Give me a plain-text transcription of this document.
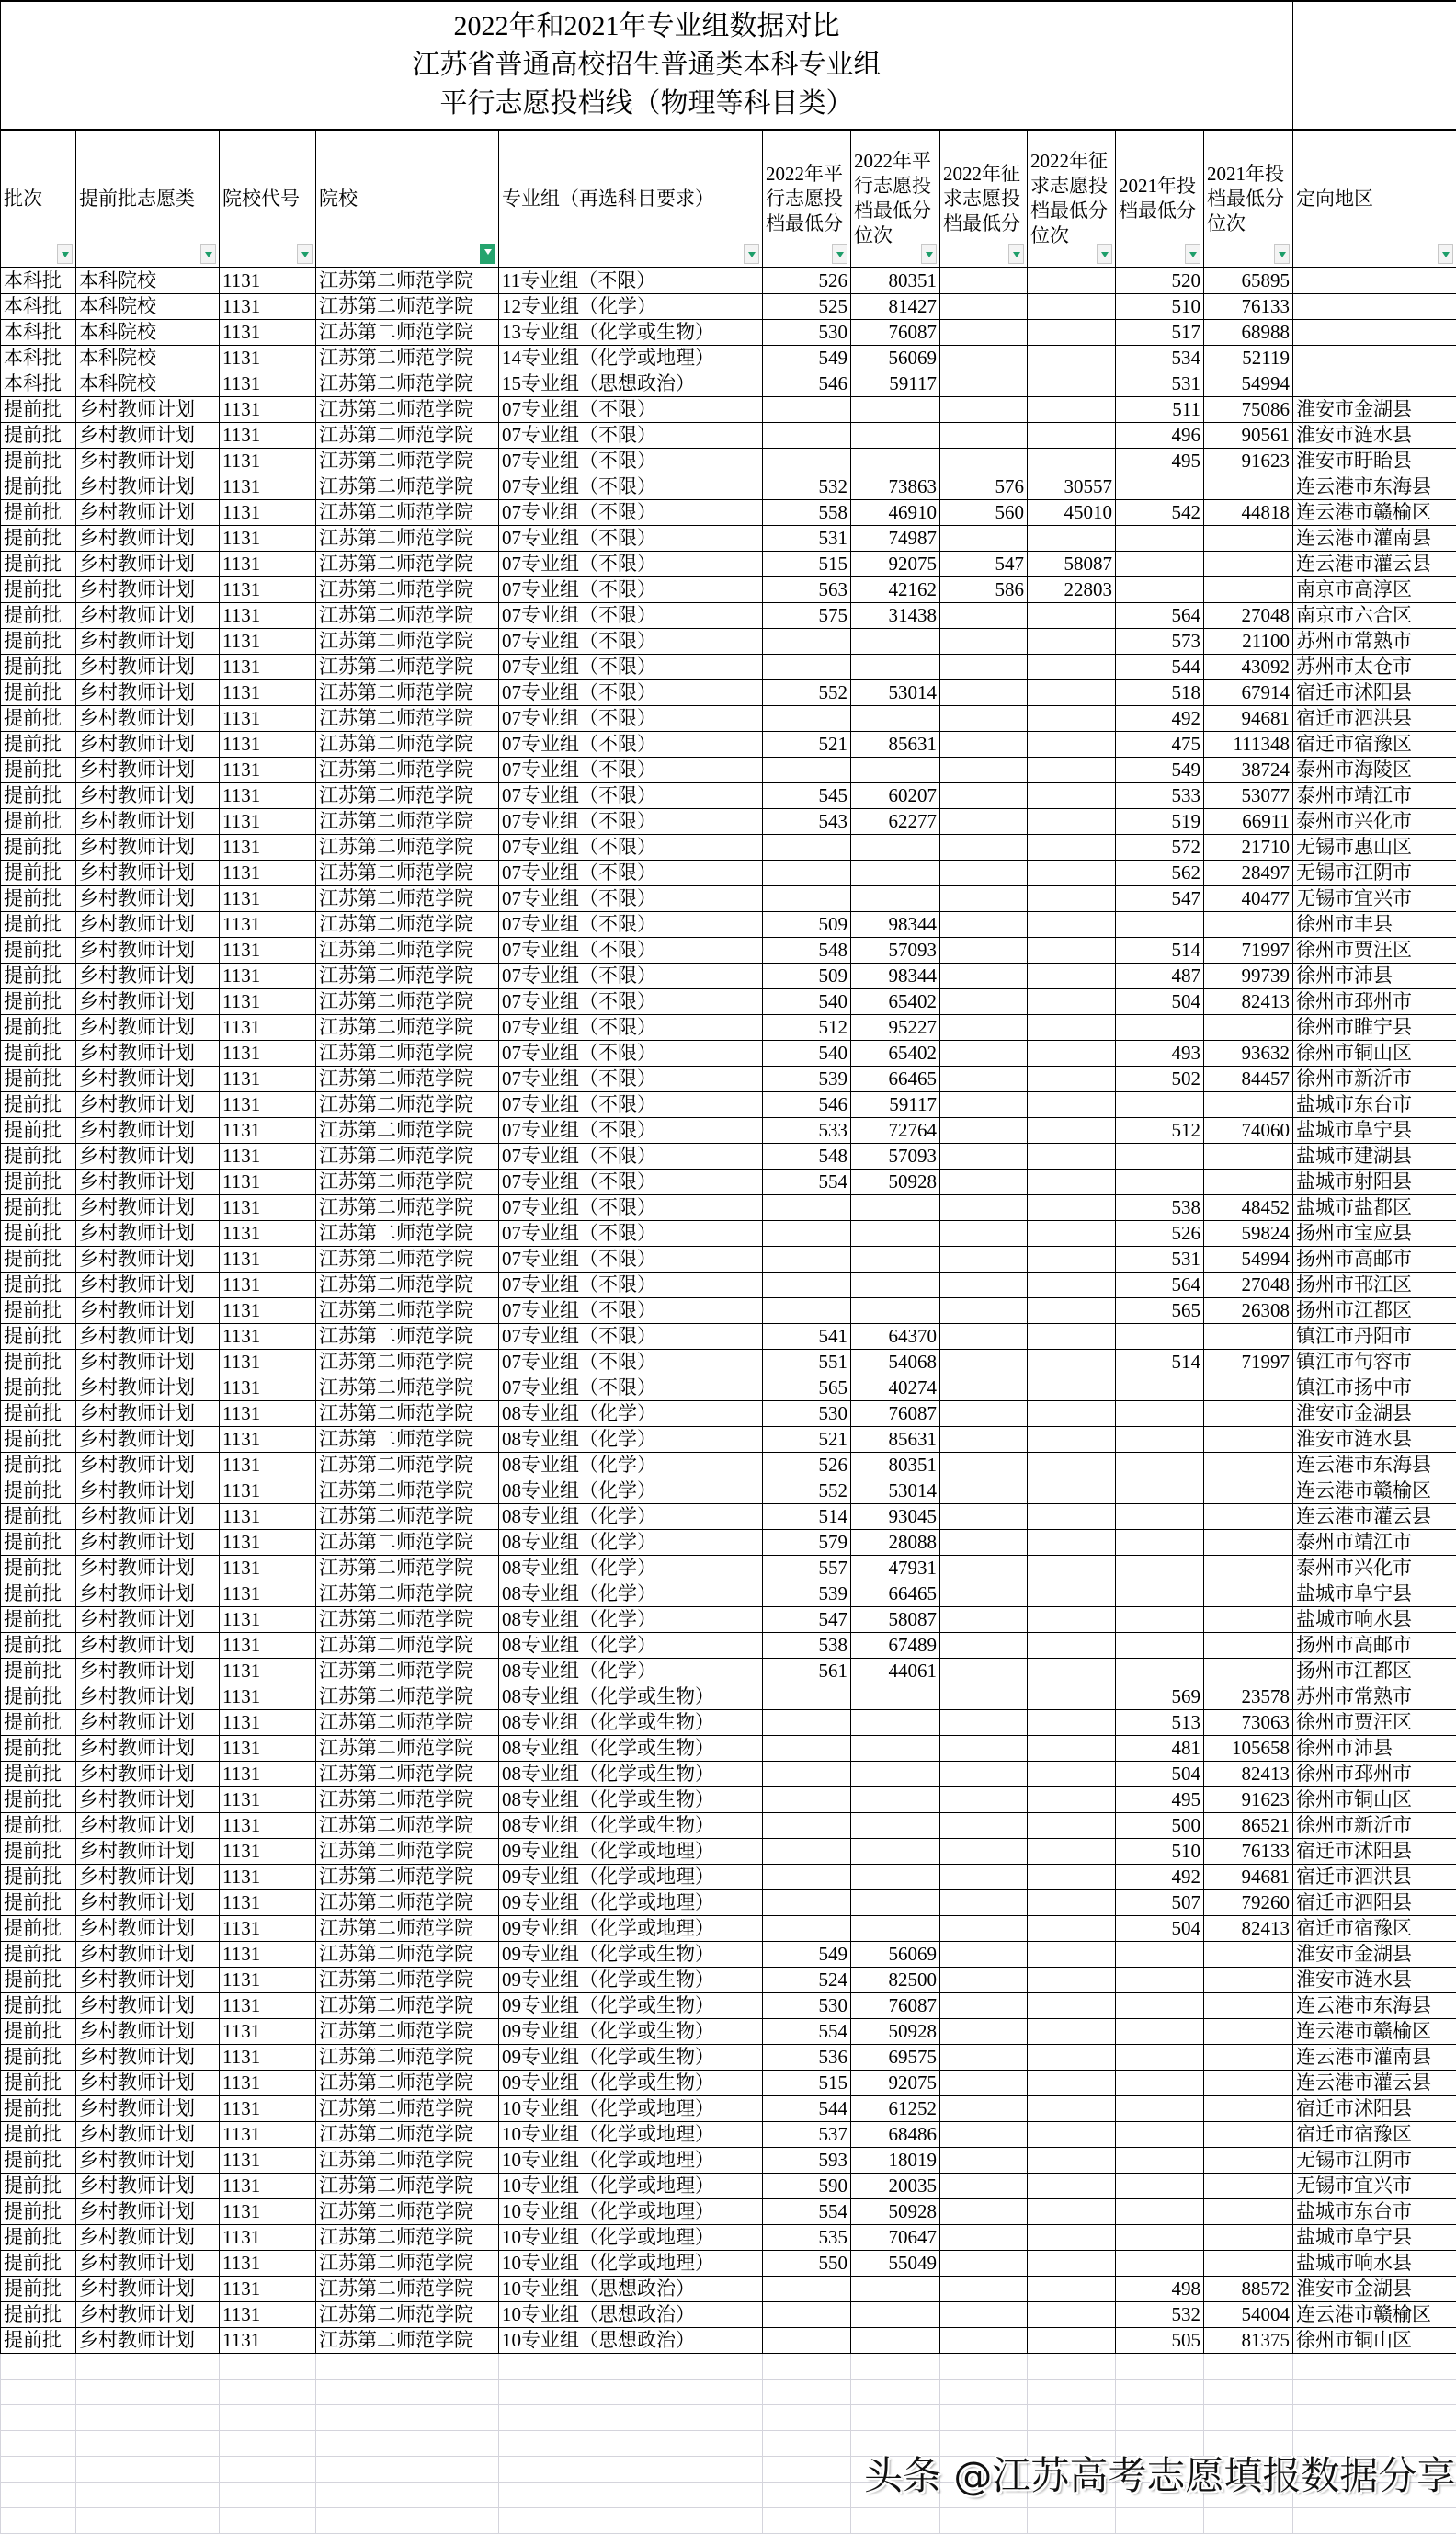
2022年和2021年专业组数据对比
江苏省普通高校招生普通类本科专业组
平行志愿投档线（物理等科目类）											

批次	提前批志愿类	院校代号	院校	专业组（再选科目要求）	2022年平行志愿投档最低分	2022年平行志愿投档最低分位次	2022年征求志愿投档最低分	2022年征求志愿投档最低分位次	2021年投档最低分	2021年投档最低分位次	定向地区

本科批	本科院校	1131	江苏第二师范学院	11专业组（不限）	526	80351			520	65895	
本科批	本科院校	1131	江苏第二师范学院	12专业组（化学）	525	81427			510	76133	
本科批	本科院校	1131	江苏第二师范学院	13专业组（化学或生物）	530	76087			517	68988	
本科批	本科院校	1131	江苏第二师范学院	14专业组（化学或地理）	549	56069			534	52119	
本科批	本科院校	1131	江苏第二师范学院	15专业组（思想政治）	546	59117			531	54994	
提前批	乡村教师计划	1131	江苏第二师范学院	07专业组（不限）					511	75086	淮安市金湖县
提前批	乡村教师计划	1131	江苏第二师范学院	07专业组（不限）					496	90561	淮安市涟水县
提前批	乡村教师计划	1131	江苏第二师范学院	07专业组（不限）					495	91623	淮安市盱眙县
提前批	乡村教师计划	1131	江苏第二师范学院	07专业组（不限）	532	73863	576	30557			连云港市东海县
提前批	乡村教师计划	1131	江苏第二师范学院	07专业组（不限）	558	46910	560	45010	542	44818	连云港市赣榆区
提前批	乡村教师计划	1131	江苏第二师范学院	07专业组（不限）	531	74987					连云港市灌南县
提前批	乡村教师计划	1131	江苏第二师范学院	07专业组（不限）	515	92075	547	58087			连云港市灌云县
提前批	乡村教师计划	1131	江苏第二师范学院	07专业组（不限）	563	42162	586	22803			南京市高淳区
提前批	乡村教师计划	1131	江苏第二师范学院	07专业组（不限）	575	31438			564	27048	南京市六合区
提前批	乡村教师计划	1131	江苏第二师范学院	07专业组（不限）					573	21100	苏州市常熟市
提前批	乡村教师计划	1131	江苏第二师范学院	07专业组（不限）					544	43092	苏州市太仓市
提前批	乡村教师计划	1131	江苏第二师范学院	07专业组（不限）	552	53014			518	67914	宿迁市沭阳县
提前批	乡村教师计划	1131	江苏第二师范学院	07专业组（不限）					492	94681	宿迁市泗洪县
提前批	乡村教师计划	1131	江苏第二师范学院	07专业组（不限）	521	85631			475	111348	宿迁市宿豫区
提前批	乡村教师计划	1131	江苏第二师范学院	07专业组（不限）					549	38724	泰州市海陵区
提前批	乡村教师计划	1131	江苏第二师范学院	07专业组（不限）	545	60207			533	53077	泰州市靖江市
提前批	乡村教师计划	1131	江苏第二师范学院	07专业组（不限）	543	62277			519	66911	泰州市兴化市
提前批	乡村教师计划	1131	江苏第二师范学院	07专业组（不限）					572	21710	无锡市惠山区
提前批	乡村教师计划	1131	江苏第二师范学院	07专业组（不限）					562	28497	无锡市江阴市
提前批	乡村教师计划	1131	江苏第二师范学院	07专业组（不限）					547	40477	无锡市宜兴市
提前批	乡村教师计划	1131	江苏第二师范学院	07专业组（不限）	509	98344					徐州市丰县
提前批	乡村教师计划	1131	江苏第二师范学院	07专业组（不限）	548	57093			514	71997	徐州市贾汪区
提前批	乡村教师计划	1131	江苏第二师范学院	07专业组（不限）	509	98344			487	99739	徐州市沛县
提前批	乡村教师计划	1131	江苏第二师范学院	07专业组（不限）	540	65402			504	82413	徐州市邳州市
提前批	乡村教师计划	1131	江苏第二师范学院	07专业组（不限）	512	95227					徐州市睢宁县
提前批	乡村教师计划	1131	江苏第二师范学院	07专业组（不限）	540	65402			493	93632	徐州市铜山区
提前批	乡村教师计划	1131	江苏第二师范学院	07专业组（不限）	539	66465			502	84457	徐州市新沂市
提前批	乡村教师计划	1131	江苏第二师范学院	07专业组（不限）	546	59117					盐城市东台市
提前批	乡村教师计划	1131	江苏第二师范学院	07专业组（不限）	533	72764			512	74060	盐城市阜宁县
提前批	乡村教师计划	1131	江苏第二师范学院	07专业组（不限）	548	57093					盐城市建湖县
提前批	乡村教师计划	1131	江苏第二师范学院	07专业组（不限）	554	50928					盐城市射阳县
提前批	乡村教师计划	1131	江苏第二师范学院	07专业组（不限）					538	48452	盐城市盐都区
提前批	乡村教师计划	1131	江苏第二师范学院	07专业组（不限）					526	59824	扬州市宝应县
提前批	乡村教师计划	1131	江苏第二师范学院	07专业组（不限）					531	54994	扬州市高邮市
提前批	乡村教师计划	1131	江苏第二师范学院	07专业组（不限）					564	27048	扬州市邗江区
提前批	乡村教师计划	1131	江苏第二师范学院	07专业组（不限）					565	26308	扬州市江都区
提前批	乡村教师计划	1131	江苏第二师范学院	07专业组（不限）	541	64370					镇江市丹阳市
提前批	乡村教师计划	1131	江苏第二师范学院	07专业组（不限）	551	54068			514	71997	镇江市句容市
提前批	乡村教师计划	1131	江苏第二师范学院	07专业组（不限）	565	40274					镇江市扬中市
提前批	乡村教师计划	1131	江苏第二师范学院	08专业组（化学）	530	76087					淮安市金湖县
提前批	乡村教师计划	1131	江苏第二师范学院	08专业组（化学）	521	85631					淮安市涟水县
提前批	乡村教师计划	1131	江苏第二师范学院	08专业组（化学）	526	80351					连云港市东海县
提前批	乡村教师计划	1131	江苏第二师范学院	08专业组（化学）	552	53014					连云港市赣榆区
提前批	乡村教师计划	1131	江苏第二师范学院	08专业组（化学）	514	93045					连云港市灌云县
提前批	乡村教师计划	1131	江苏第二师范学院	08专业组（化学）	579	28088					泰州市靖江市
提前批	乡村教师计划	1131	江苏第二师范学院	08专业组（化学）	557	47931					泰州市兴化市
提前批	乡村教师计划	1131	江苏第二师范学院	08专业组（化学）	539	66465					盐城市阜宁县
提前批	乡村教师计划	1131	江苏第二师范学院	08专业组（化学）	547	58087					盐城市响水县
提前批	乡村教师计划	1131	江苏第二师范学院	08专业组（化学）	538	67489					扬州市高邮市
提前批	乡村教师计划	1131	江苏第二师范学院	08专业组（化学）	561	44061					扬州市江都区
提前批	乡村教师计划	1131	江苏第二师范学院	08专业组（化学或生物）					569	23578	苏州市常熟市
提前批	乡村教师计划	1131	江苏第二师范学院	08专业组（化学或生物）					513	73063	徐州市贾汪区
提前批	乡村教师计划	1131	江苏第二师范学院	08专业组（化学或生物）					481	105658	徐州市沛县
提前批	乡村教师计划	1131	江苏第二师范学院	08专业组（化学或生物）					504	82413	徐州市邳州市
提前批	乡村教师计划	1131	江苏第二师范学院	08专业组（化学或生物）					495	91623	徐州市铜山区
提前批	乡村教师计划	1131	江苏第二师范学院	08专业组（化学或生物）					500	86521	徐州市新沂市
提前批	乡村教师计划	1131	江苏第二师范学院	09专业组（化学或地理）					510	76133	宿迁市沭阳县
提前批	乡村教师计划	1131	江苏第二师范学院	09专业组（化学或地理）					492	94681	宿迁市泗洪县
提前批	乡村教师计划	1131	江苏第二师范学院	09专业组（化学或地理）					507	79260	宿迁市泗阳县
提前批	乡村教师计划	1131	江苏第二师范学院	09专业组（化学或地理）					504	82413	宿迁市宿豫区
提前批	乡村教师计划	1131	江苏第二师范学院	09专业组（化学或生物）	549	56069					淮安市金湖县
提前批	乡村教师计划	1131	江苏第二师范学院	09专业组（化学或生物）	524	82500					淮安市涟水县
提前批	乡村教师计划	1131	江苏第二师范学院	09专业组（化学或生物）	530	76087					连云港市东海县
提前批	乡村教师计划	1131	江苏第二师范学院	09专业组（化学或生物）	554	50928					连云港市赣榆区
提前批	乡村教师计划	1131	江苏第二师范学院	09专业组（化学或生物）	536	69575					连云港市灌南县
提前批	乡村教师计划	1131	江苏第二师范学院	09专业组（化学或生物）	515	92075					连云港市灌云县
提前批	乡村教师计划	1131	江苏第二师范学院	10专业组（化学或地理）	544	61252					宿迁市沭阳县
提前批	乡村教师计划	1131	江苏第二师范学院	10专业组（化学或地理）	537	68486					宿迁市宿豫区
提前批	乡村教师计划	1131	江苏第二师范学院	10专业组（化学或地理）	593	18019					无锡市江阴市
提前批	乡村教师计划	1131	江苏第二师范学院	10专业组（化学或地理）	590	20035					无锡市宜兴市
提前批	乡村教师计划	1131	江苏第二师范学院	10专业组（化学或地理）	554	50928					盐城市东台市
提前批	乡村教师计划	1131	江苏第二师范学院	10专业组（化学或地理）	535	70647					盐城市阜宁县
提前批	乡村教师计划	1131	江苏第二师范学院	10专业组（化学或地理）	550	55049					盐城市响水县
提前批	乡村教师计划	1131	江苏第二师范学院	10专业组（思想政治）					498	88572	淮安市金湖县
提前批	乡村教师计划	1131	江苏第二师范学院	10专业组（思想政治）					532	54004	连云港市赣榆区
提前批	乡村教师计划	1131	江苏第二师范学院	10专业组（思想政治）					505	81375	徐州市铜山区

头条 @江苏高考志愿填报数据分享
